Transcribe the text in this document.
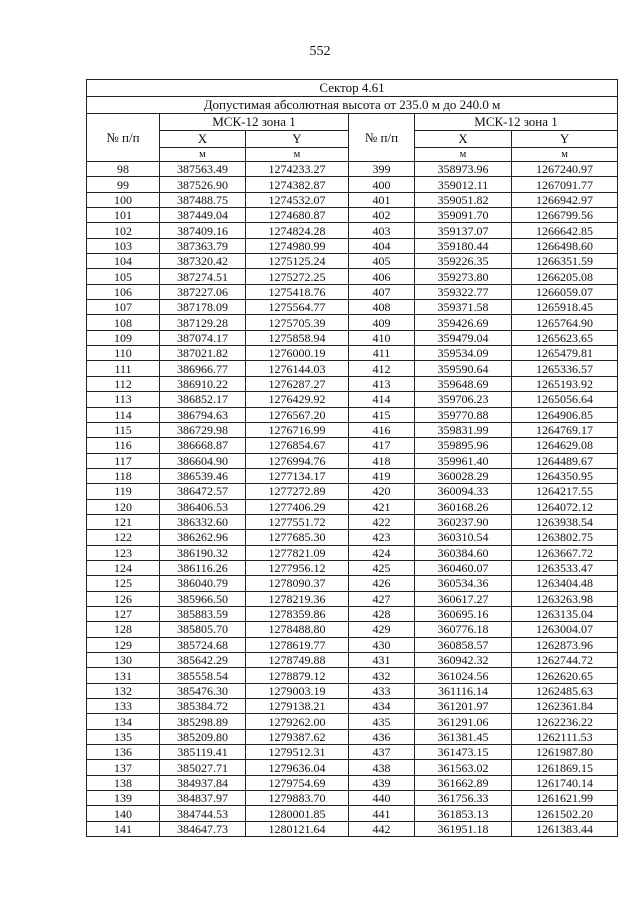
552
Сектор 4.61					
Допустимая абсолютная высота от 235.0 м до 240.0 м					
№ п/п	МСК-12 зона 1		№ п/п	МСК-12 зона 1	
	X	Y		X	Y
	м	м		м	м
98	387563.49	1274233.27	399	358973.96	1267240.97
99	387526.90	1274382.87	400	359012.11	1267091.77
100	387488.75	1274532.07	401	359051.82	1266942.97
101	387449.04	1274680.87	402	359091.70	1266799.56
102	387409.16	1274824.28	403	359137.07	1266642.85
103	387363.79	1274980.99	404	359180.44	1266498.60
104	387320.42	1275125.24	405	359226.35	1266351.59
105	387274.51	1275272.25	406	359273.80	1266205.08
106	387227.06	1275418.76	407	359322.77	1266059.07
107	387178.09	1275564.77	408	359371.58	1265918.45
108	387129.28	1275705.39	409	359426.69	1265764.90
109	387074.17	1275858.94	410	359479.04	1265623.65
110	387021.82	1276000.19	411	359534.09	1265479.81
111	386966.77	1276144.03	412	359590.64	1265336.57
112	386910.22	1276287.27	413	359648.69	1265193.92
113	386852.17	1276429.92	414	359706.23	1265056.64
114	386794.63	1276567.20	415	359770.88	1264906.85
115	386729.98	1276716.99	416	359831.99	1264769.17
116	386668.87	1276854.67	417	359895.96	1264629.08
117	386604.90	1276994.76	418	359961.40	1264489.67
118	386539.46	1277134.17	419	360028.29	1264350.95
119	386472.57	1277272.89	420	360094.33	1264217.55
120	386406.53	1277406.29	421	360168.26	1264072.12
121	386332.60	1277551.72	422	360237.90	1263938.54
122	386262.96	1277685.30	423	360310.54	1263802.75
123	386190.32	1277821.09	424	360384.60	1263667.72
124	386116.26	1277956.12	425	360460.07	1263533.47
125	386040.79	1278090.37	426	360534.36	1263404.48
126	385966.50	1278219.36	427	360617.27	1263263.98
127	385883.59	1278359.86	428	360695.16	1263135.04
128	385805.70	1278488.80	429	360776.18	1263004.07
129	385724.68	1278619.77	430	360858.57	1262873.96
130	385642.29	1278749.88	431	360942.32	1262744.72
131	385558.54	1278879.12	432	361024.56	1262620.65
132	385476.30	1279003.19	433	361116.14	1262485.63
133	385384.72	1279138.21	434	361201.97	1262361.84
134	385298.89	1279262.00	435	361291.06	1262236.22
135	385209.80	1279387.62	436	361381.45	1262111.53
136	385119.41	1279512.31	437	361473.15	1261987.80
137	385027.71	1279636.04	438	361563.02	1261869.15
138	384937.84	1279754.69	439	361662.89	1261740.14
139	384837.97	1279883.70	440	361756.33	1261621.99
140	384744.53	1280001.85	441	361853.13	1261502.20
141	384647.73	1280121.64	442	361951.18	1261383.44
